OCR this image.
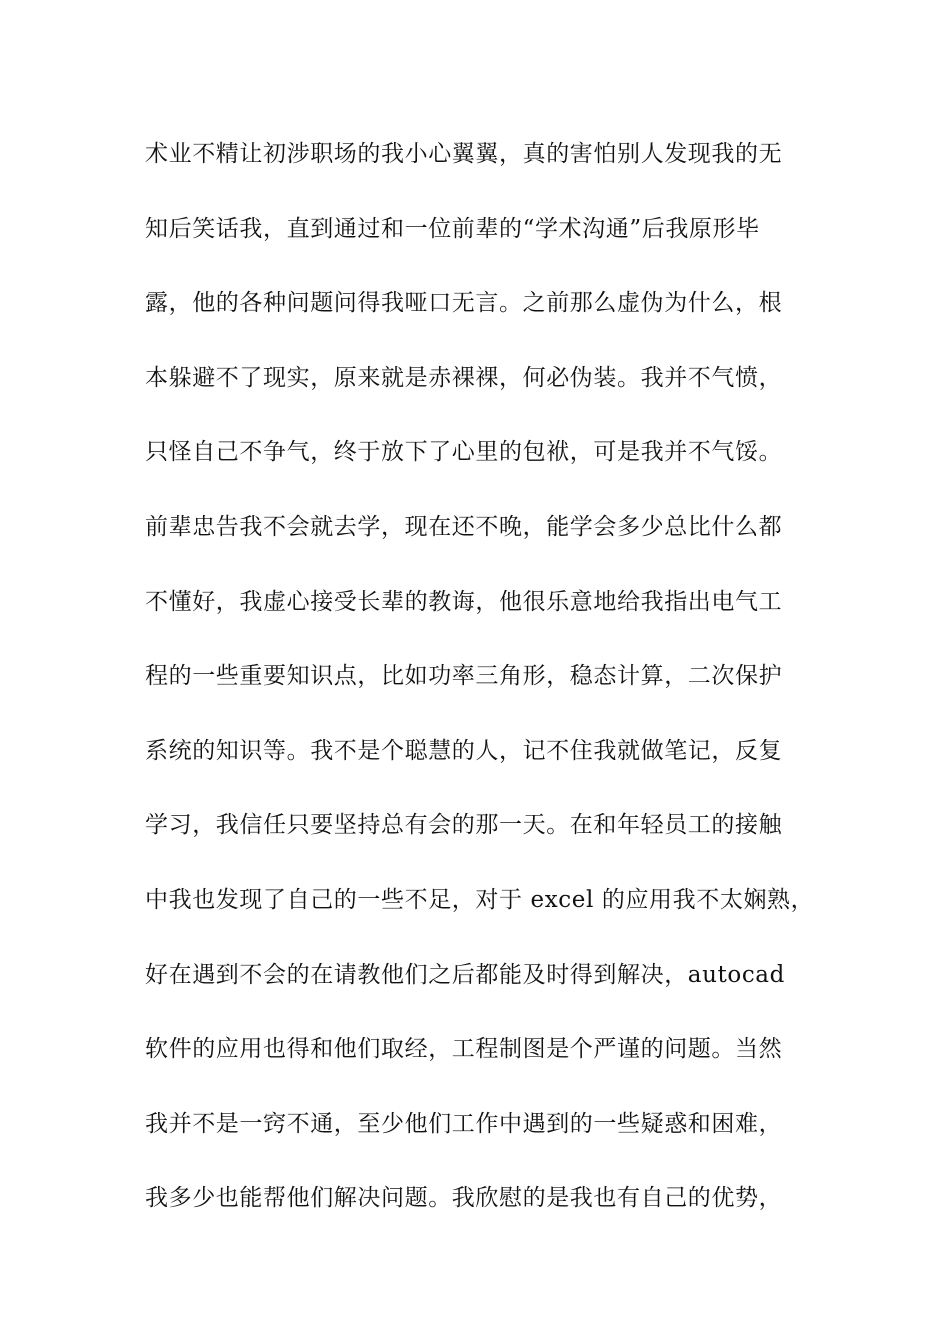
术业不精让初涉职场的我小心翼翼，真的害怕别人发现我的无
知后笑话我，直到通过和一位前辈的“学术沟通”后我原形毕
露，他的各种问题问得我哑口无言。之前那么虚伪为什么，根
本躲避不了现实，原来就是赤裸裸，何必伪装。我并不气愤，
只怪自己不争气，终于放下了心里的包袱，可是我并不气馁。
前辈忠告我不会就去学，现在还不晚，能学会多少总比什么都
不懂好，我虚心接受长辈的教诲，他很乐意地给我指出电气工
程的一些重要知识点，比如功率三角形，稳态计算，二次保护
系统的知识等。我不是个聪慧的人，记不住我就做笔记，反复
学习，我信任只要坚持总有会的那一天。在和年轻员工的接触
中我也发现了自己的一些不足，对于 excel 的应用我不太娴熟，
好在遇到不会的在请教他们之后都能及时得到解决，autocad
软件的应用也得和他们取经，工程制图是个严谨的问题。当然
我并不是一窍不通，至少他们工作中遇到的一些疑惑和困难，
我多少也能帮他们解决问题。我欣慰的是我也有自己的优势，
